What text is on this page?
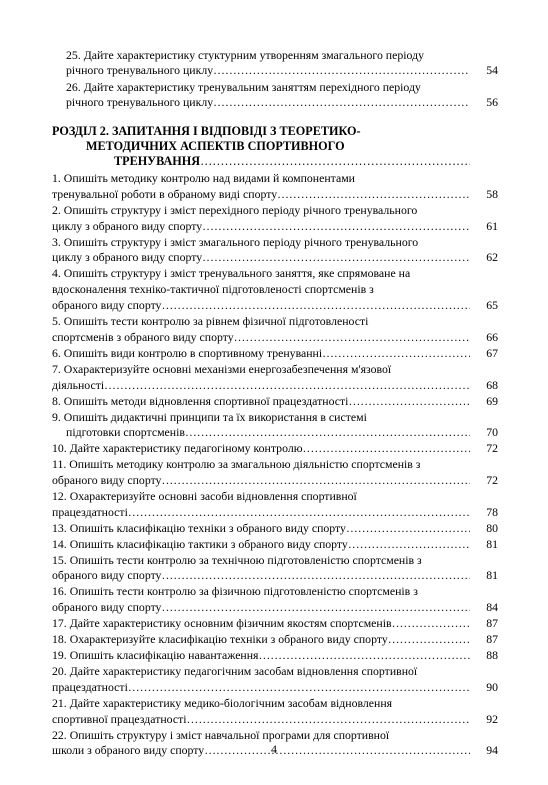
25. Дайте характеристику стуктурним утворенням змагального періоду
річного тренувального циклу ……………………………………………………………………………………………………………………………………………………………………………	54
26. Дайте характеристику тренувальним заняттям перехідного періоду
річного тренувального циклу ……………………………………………………………………………………………………………………………………………………………………………	56
РОЗДІЛ 2. ЗАПИТАННЯ І ВІДПОВІДІ З ТЕОРЕТИКО-
МЕТОДИЧНИХ АСПЕКТІВ СПОРТИВНОГО
ТРЕНУВАННЯ ……………………………………………………………………………………
1. Опишіть методику контролю над видами й компонентами
тренувальної роботи в обраному виді спорту ……………………………………………………………………………………………………………………………………………………………………………	58
2. Опишіть структуру і зміст перехідного періоду річного тренувального
циклу з обраного виду спорту ……………………………………………………………………………………………………………………………………………………………………………	61
3. Опишіть структуру і зміст змагального періоду річного тренувального
циклу з обраного виду спорту ……………………………………………………………………………………………………………………………………………………………………………	62
4. Опишіть структуру і зміст тренувального заняття, яке спрямоване на
вдосконалення техніко-тактичної підготовленості спортсменів з
обраного виду спорту ……………………………………………………………………………………………………………………………………………………………………………	65
5. Опишіть тести контролю за рівнем фізичної підготовленості
спортсменів з обраного виду спорту ……………………………………………………………………………………………………………………………………………………………………………	66
6. Опишіть види контролю в спортивному тренуванні ……………………………………………………………………………………………………………………………………………………………………………	67
7. Охарактеризуйте основні механізми енергозабезпечення м'язової
діяльності ……………………………………………………………………………………………………………………………………………………………………………	68
8. Опишіть методи відновлення спортивної працездатності ……………………………………………………………………………………………………………………………………………………………………………	69
9. Опишіть дидактичні принципи та їх використання в системі
підготовки спортсменів ……………………………………………………………………………………………………………………………………………………………………………	70
10. Дайте характеристику педагогіному контролю ……………………………………………………………………………………………………………………………………………………………………………	72
11. Опишіть методику контролю за змагальною діяльністю спортсменів з
обраного виду спорту ……………………………………………………………………………………………………………………………………………………………………………	72
12. Охарактеризуйте основні засоби відновлення спортивної
працездатності ……………………………………………………………………………………………………………………………………………………………………………	78
13. Опишіть класифікацію техніки з обраного виду спорту ……………………………………………………………………………………………………………………………………………………………………………	80
14. Опишіть класифікацію тактики з обраного виду спорту ……………………………………………………………………………………………………………………………………………………………………………	81
15. Опишіть тести контролю за технічною підготовленістю спортсменів з
обраного виду спорту ……………………………………………………………………………………………………………………………………………………………………………	81
16. Опишіть тести контролю за фізичною підготовленістю спортсменів з
обраного виду спорту ……………………………………………………………………………………………………………………………………………………………………………	84
17. Дайте характеристику основним фізичним якостям спортсменів ……………………………………………………………………………………………………………………………………………………………………………	87
18. Охарактеризуйте класифікацію техніки з обраного виду спорту ……………………………………………………………………………………………………………………………………………………………………………	87
19. Опишіть класифікацію навантаження ……………………………………………………………………………………………………………………………………………………………………………	88
20. Дайте характеристику педагогічним засобам відновлення спортивної
працездатності ……………………………………………………………………………………………………………………………………………………………………………	90
21. Дайте характеристику медико-біологічним засобам відновлення
спортивної працездатності ……………………………………………………………………………………………………………………………………………………………………………	92
22. Опишіть структуру і зміст навчальної програми для спортивної
школи з обраного виду спорту ……………………………………………………………………………………………………………………………………………………………………………	94
4
